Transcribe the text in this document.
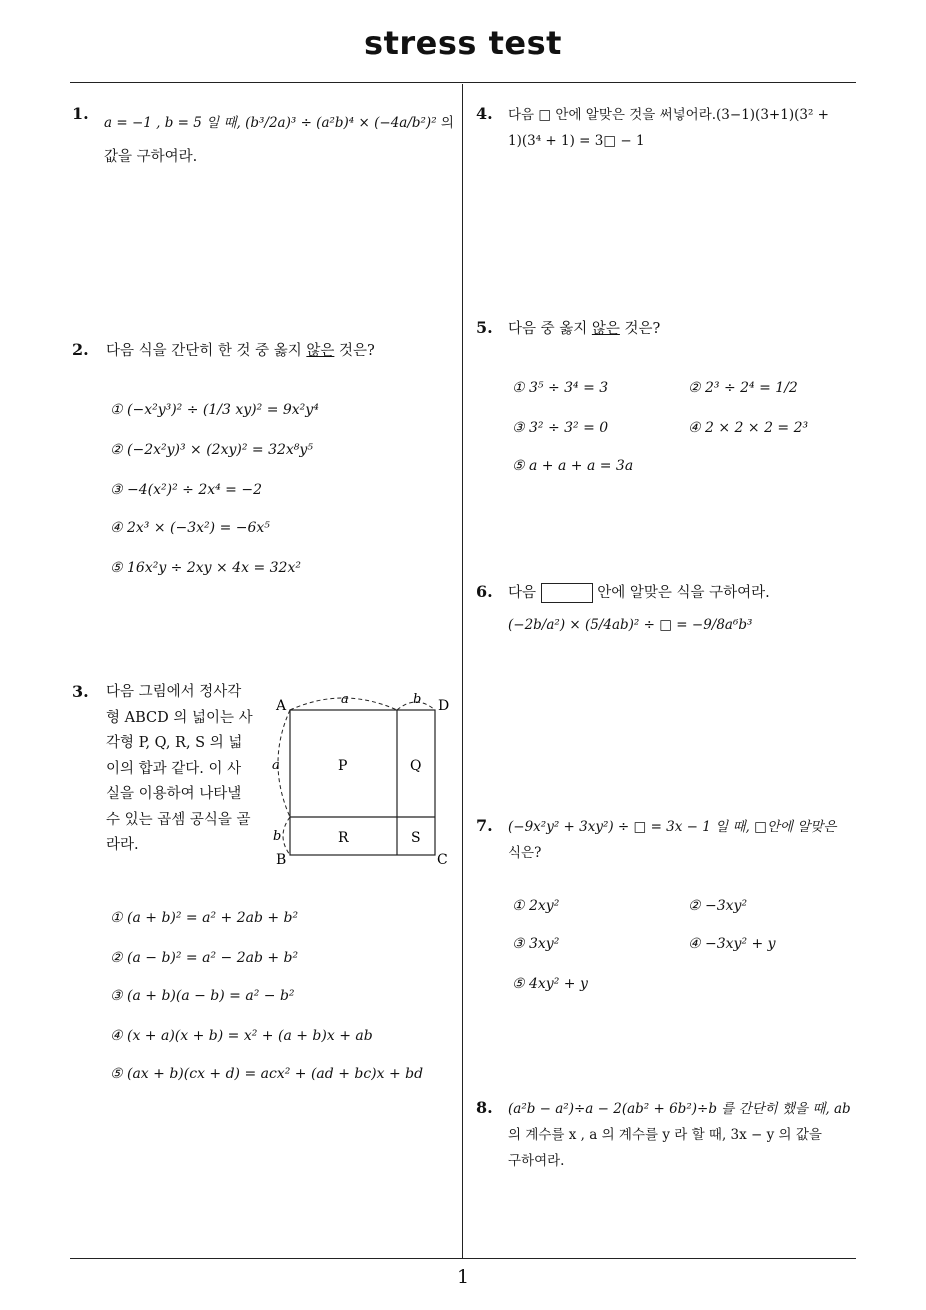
stress test
1
1. a = −1 , b = 5 일 때, (b³/2a)³ ÷ (a²b)⁴ × (−4a/b²)² 의
값을 구하여라.
2. 다음 식을 간단히 한 것 중 옳지 않은 것은?
① (−x²y³)² ÷ (1/3 xy)² = 9x²y⁴
② (−2x²y)³ × (2xy)² = 32x⁸y⁵
③ −4(x²)² ÷ 2x⁴ = −2
④ 2x³ × (−3x²) = −6x⁵
⑤ 16x²y ÷ 2xy × 4x = 32x²
3. 다음 그림에서 정사각
형 ABCD 의 넓이는 사
각형 P, Q, R, S 의 넓
이의 합과 같다. 이 사
실을 이용하여 나타낼
수 있는 곱셈 공식을 골
라라.
A	D
B	C
a	b
a
b
P	Q
R	S
① (a + b)² = a² + 2ab + b²
② (a − b)² = a² − 2ab + b²
③ (a + b)(a − b) = a² − b²
④ (x + a)(x + b) = x² + (a + b)x + ab
⑤ (ax + b)(cx + d) = acx² + (ad + bc)x + bd
4. 다음 □ 안에 알맞은 것을 써넣어라.(3−1)(3+1)(3² +
1)(3⁴ + 1) = 3□ − 1
5. 다음 중 옳지 않은 것은?
① 3⁵ ÷ 3⁴ = 3	② 2³ ÷ 2⁴ = 1/2
③ 3² ÷ 3² = 0	④ 2 × 2 × 2 = 2³
⑤ a + a + a = 3a
6. 다음	안에 알맞은 식을 구하여라.
(−2b/a²) × (5/4ab)² ÷ □ = −9/8a⁶b³
7. (−9x²y² + 3xy²) ÷ □ = 3x − 1 일 때, □안에 알맞은
식은?
① 2xy²	② −3xy²
③ 3xy²	④ −3xy² + y
⑤ 4xy² + y
8. (a²b − a²)÷a − 2(ab² + 6b²)÷b 를 간단히 했을 때, ab
의 계수를 x , a 의 계수를 y 라 할 때, 3x − y 의 값을
구하여라.
